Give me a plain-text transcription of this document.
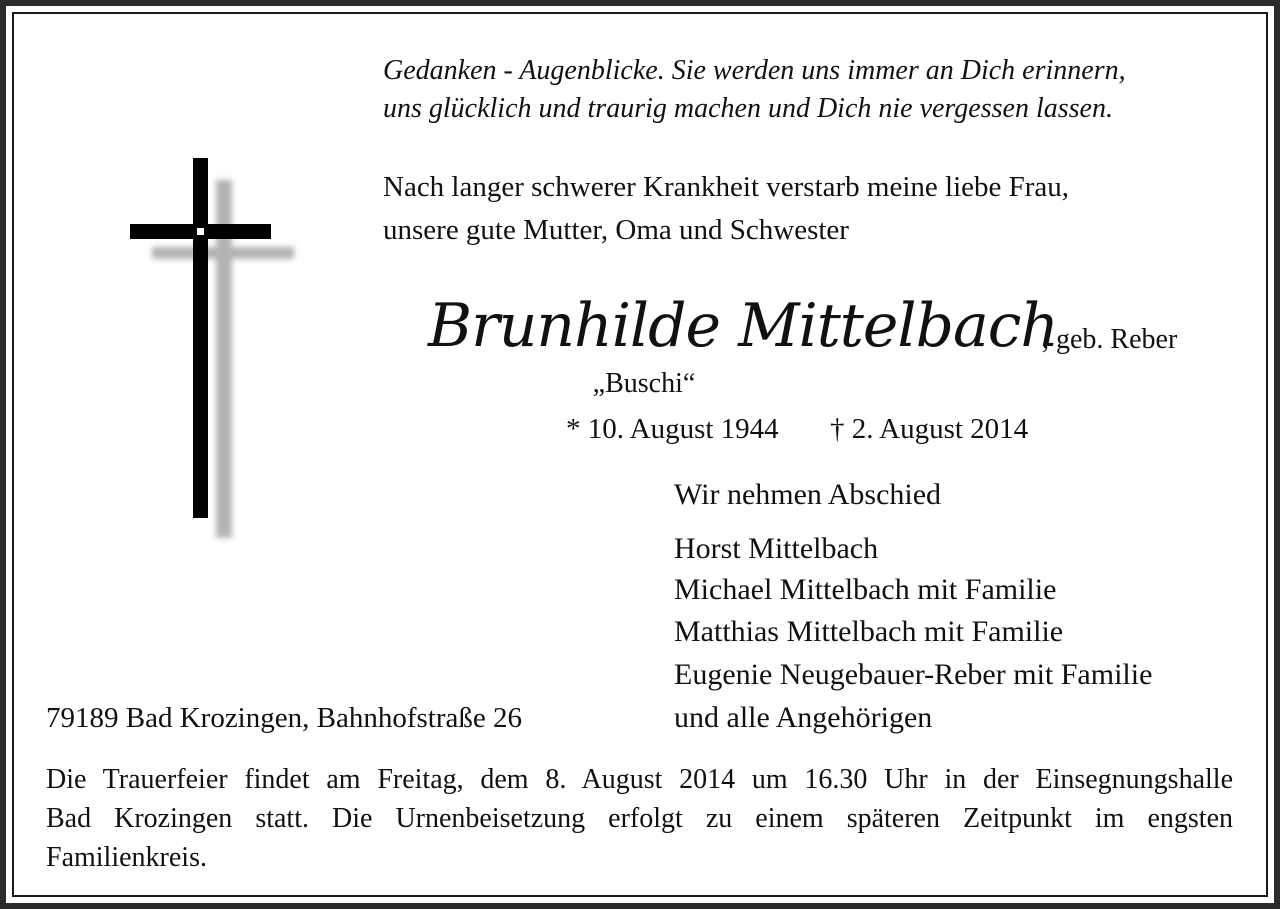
Gedanken - Augenblicke. Sie werden uns immer an Dich erinnern,
uns glücklich und traurig machen und Dich nie vergessen lassen.
Nach langer schwerer Krankheit verstarb meine liebe Frau,
unsere gute Mutter, Oma und Schwester
Brunhilde Mittelbach
, geb. Reber
„Buschi“
* 10. August 1944 † 2. August 2014
Wir nehmen Abschied
Horst Mittelbach
Michael Mittelbach mit Familie
Matthias Mittelbach mit Familie
Eugenie Neugebauer-Reber mit Familie
und alle Angehörigen
79189 Bad Krozingen, Bahnhofstraße 26
Die Trauerfeier findet am Freitag, dem 8. August 2014 um 16.30 Uhr in der Einsegnungshalle
Bad Krozingen statt. Die Urnenbeisetzung erfolgt zu einem späteren Zeitpunkt im engsten
Familienkreis.
